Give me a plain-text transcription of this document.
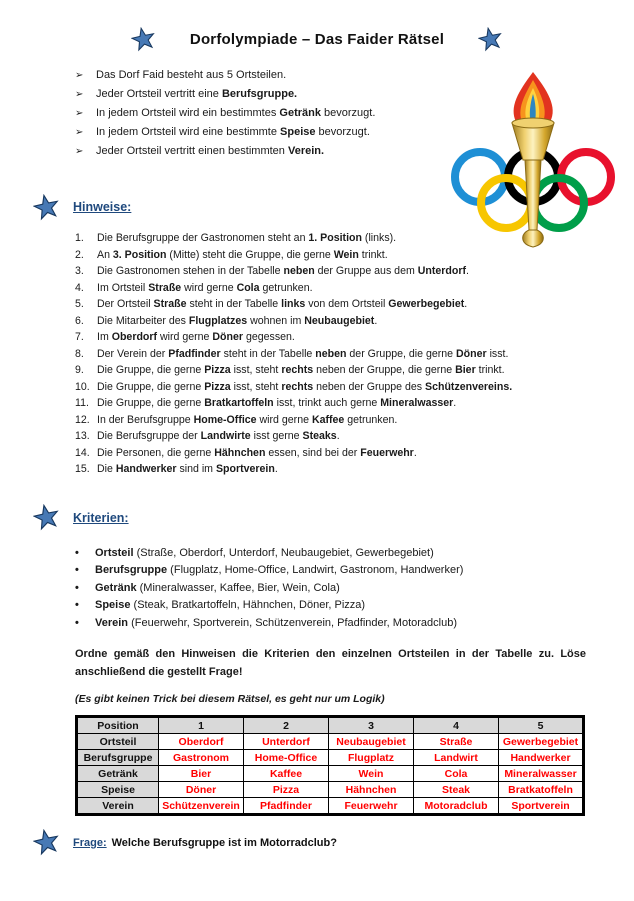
Dorfolympiade – Das Faider Rätsel
➢ Das Dorf Faid besteht aus 5 Ortsteilen.
➢ Jeder Ortsteil vertritt eine Berufsgruppe.
➢ In jedem Ortsteil wird ein bestimmtes Getränk bevorzugt.
➢ In jedem Ortsteil wird eine bestimmte Speise bevorzugt.
➢ Jeder Ortsteil vertritt einen bestimmten Verein.
Hinweise:
1.	Die Berufsgruppe der Gastronomen steht an 1. Position (links).
2.	An 3. Position (Mitte) steht die Gruppe, die gerne Wein trinkt.
3.	Die Gastronomen stehen in der Tabelle neben der Gruppe aus dem Unterdorf.
4.	Im Ortsteil Straße wird gerne Cola getrunken.
5.	Der Ortsteil Straße steht in der Tabelle links von dem Ortsteil Gewerbegebiet.
6.	Die Mitarbeiter des Flugplatzes wohnen im Neubaugebiet.
7.	Im Oberdorf wird gerne Döner gegessen.
8.	Der Verein der Pfadfinder steht in der Tabelle neben der Gruppe, die gerne Döner isst.
9.	Die Gruppe, die gerne Pizza isst, steht rechts neben der Gruppe, die gerne Bier trinkt.
10. Die Gruppe, die gerne Pizza isst, steht rechts neben der Gruppe des Schützenvereins.
11. Die Gruppe, die gerne Bratkartoffeln isst, trinkt auch gerne Mineralwasser.
12. In der Berufsgruppe Home-Office wird gerne Kaffee getrunken.
13. Die Berufsgruppe der Landwirte isst gerne Steaks.
14. Die Personen, die gerne Hähnchen essen, sind bei der Feuerwehr.
15. Die Handwerker sind im Sportverein.
Kriterien:
•	Ortsteil (Straße, Oberdorf, Unterdorf, Neubaugebiet, Gewerbegebiet)
•	Berufsgruppe (Flugplatz, Home-Office, Landwirt, Gastronom, Handwerker)
•	Getränk (Mineralwasser, Kaffee, Bier, Wein, Cola)
•	Speise (Steak, Bratkartoffeln, Hähnchen, Döner, Pizza)
•	Verein (Feuerwehr, Sportverein, Schützenverein, Pfadfinder, Motoradclub)

Ordne gemäß den Hinweisen die Kriterien den einzelnen Ortsteilen in der Tabelle zu. Löse anschließend die gestellt Frage!

(Es gibt keinen Trick bei diesem Rätsel, es geht nur um Logik)

Position	1	2	3	4	5
Ortsteil	Oberdorf	Unterdorf	Neubaugebiet	Straße	Gewerbegebiet
Berufsgruppe	Gastronom	Home-Office	Flugplatz	Landwirt	Handwerker
Getränk	Bier	Kaffee	Wein	Cola	Mineralwasser
Speise	Döner	Pizza	Hähnchen	Steak	Bratkatoffeln
Verein	Schützenverein	Pfadfinder	Feuerwehr	Motoradclub	Sportverein

Frage: Welche Berufsgruppe ist im Motorradclub?
